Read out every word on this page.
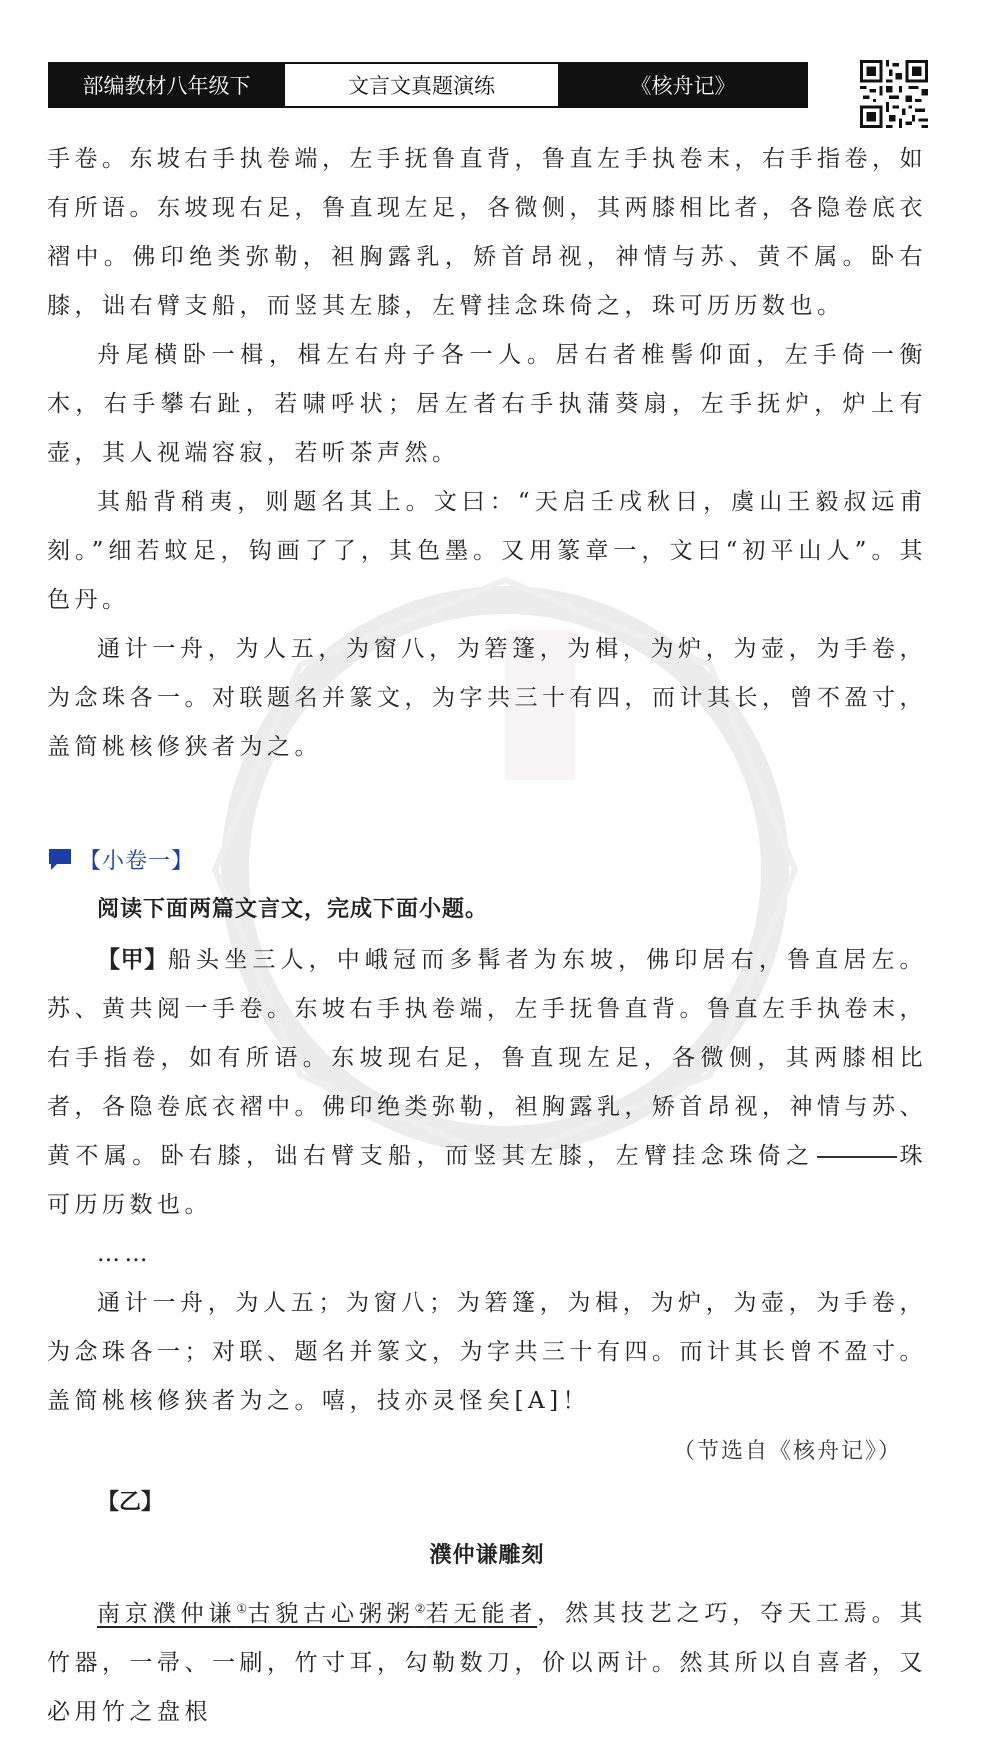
部编教材八年级下	文言文真题演练	《核舟记》

手卷。东坡右手执卷端，左手抚鲁直背，鲁直左手执卷末，右手指卷，如有所语。东坡现右足，鲁直现左足，各微侧，其两膝相比者，各隐卷底衣褶中。佛印绝类弥勒，袒胸露乳，矫首昂视，神情与苏、黄不属。卧右膝，诎右臂支船，而竖其左膝，左臂挂念珠倚之，珠可历历数也。

舟尾横卧一楫，楫左右舟子各一人。居右者椎髻仰面，左手倚一衡木，右手攀右趾，若啸呼状；居左者右手执蒲葵扇，左手抚炉，炉上有壶，其人视端容寂，若听茶声然。

其船背稍夷，则题名其上。文曰：“天启壬戌秋日，虞山王毅叔远甫刻。”细若蚊足，钩画了了，其色墨。又用篆章一，文曰“初平山人”。其色丹。

通计一舟，为人五，为窗八，为箬篷，为楫，为炉，为壶，为手卷，为念珠各一。对联题名并篆文，为字共三十有四，而计其长，曾不盈寸，盖简桃核修狭者为之。

【小卷一】

阅读下面两篇文言文，完成下面小题。

【甲】船头坐三人，中峨冠而多髯者为东坡，佛印居右，鲁直居左。苏、黄共阅一手卷。东坡右手执卷端，左手抚鲁直背。鲁直左手执卷末，右手指卷，如有所语。东坡现右足，鲁直现左足，各微侧，其两膝相比者，各隐卷底衣褶中。佛印绝类弥勒，袒胸露乳，矫首昂视，神情与苏、黄不属。卧右膝，诎右臂支船，而竖其左膝，左臂挂念珠倚之	珠可历历数也。

……

通计一舟，为人五；为窗八；为箬篷，为楫，为炉，为壶，为手卷，为念珠各一；对联、题名并篆文，为字共三十有四。而计其长曾不盈寸。盖简桃核修狭者为之。嘻，技亦灵怪矣[A]！

（节选自《核舟记》）

【乙】

濮仲谦雕刻

南京濮仲谦①古貌古心粥粥②若无能者，然其技艺之巧，夺天工焉。其竹器，一帚、一刷，竹寸耳，勾勒数刀，价以两计。然其所以自喜者，又必用竹之盘根
